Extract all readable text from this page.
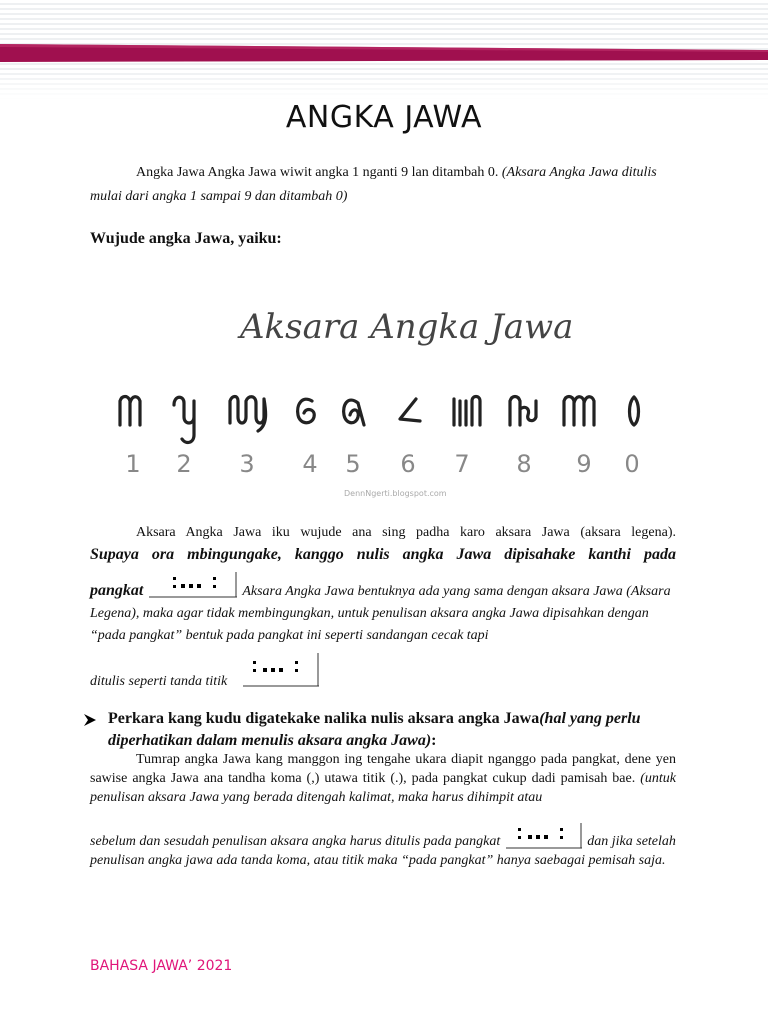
ANGKA JAWA
Angka Jawa Angka Jawa wiwit angka 1 nganti 9 lan ditambah 0. (Aksara Angka Jawa ditulis mulai dari angka 1 sampai 9 dan ditambah 0)
Wujude angka Jawa, yaiku:
Aksara Angka Jawa
1 2 3 4 5 6 7 8 9 0
DennNgerti.blogspot.com
Aksara Angka Jawa iku wujude ana sing padha karo aksara Jawa (aksara legena).
Supaya ora mbingungake, kanggo nulis angka Jawa dipisahake kanthi pada
pangkat	Aksara Angka Jawa bentuknya ada yang sama dengan aksara Jawa (Aksara Legena), maka agar tidak membingungkan, untuk penulisan aksara angka Jawa dipisahkan dengan “pada pangkat” bentuk pada pangkat ini seperti sandangan cecak tapi
ditulis seperti tanda titik
Perkara kang kudu digatekake nalika nulis aksara angka Jawa(hal yang perlu diperhatikan dalam menulis aksara angka Jawa):
Tumrap angka Jawa kang manggon ing tengahe ukara diapit nganggo pada pangkat, dene yen sawise angka Jawa ana tandha koma (,) utawa titik (.), pada pangkat cukup dadi pamisah bae. (untuk penulisan aksara Jawa yang berada ditengah kalimat, maka harus dihimpit atau
sebelum dan sesudah penulisan aksara angka harus ditulis pada pangkat	dan jika setelah penulisan angka jawa ada tanda koma, atau titik maka “pada pangkat” hanya saebagai pemisah saja.
BAHASA JAWA’ 2021
